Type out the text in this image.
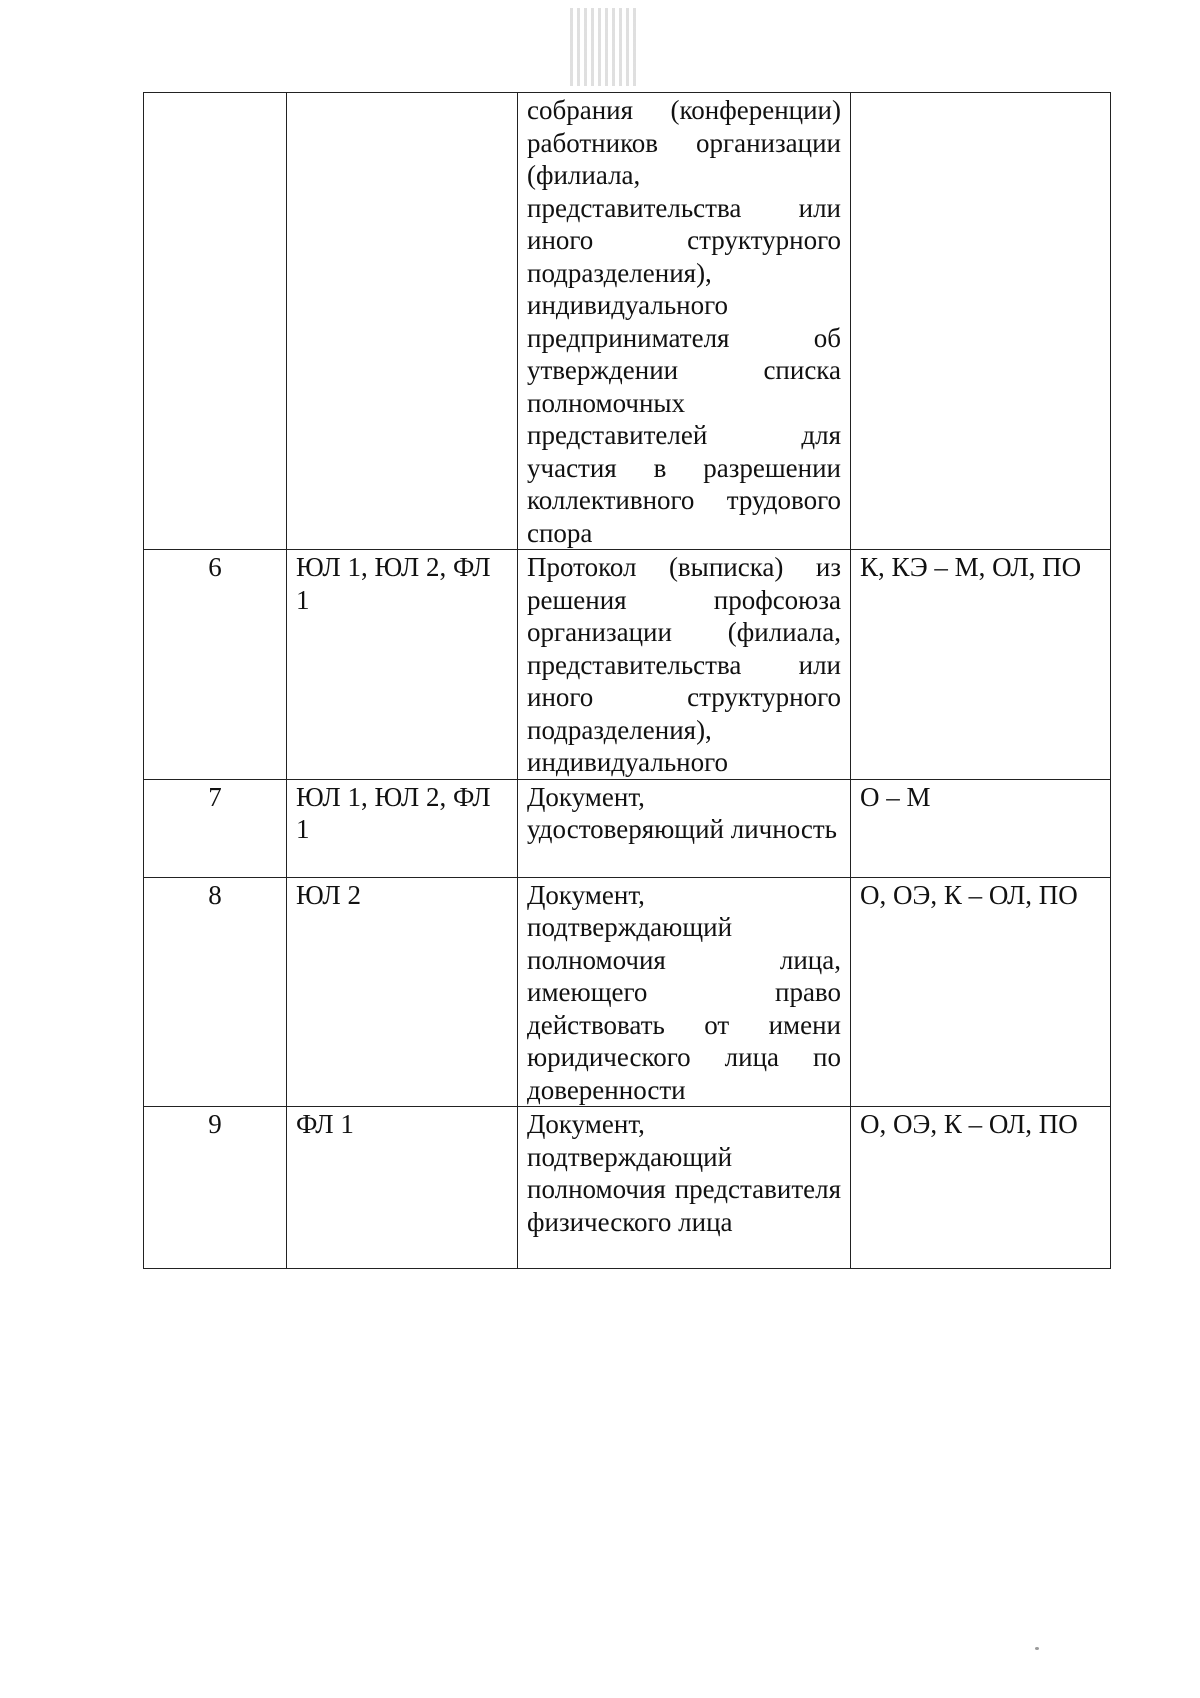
		собрания (конференции) работников организации (филиала, представительства или иного структурного подразделения), индивидуального предпринимателя об утверждении списка полномочных представителей для участия в разрешении коллективного трудового спора	
6	ЮЛ 1, ЮЛ 2, ФЛ 1	Протокол (выписка) из решения профсоюза организации (филиала, представительства или иного структурного подразделения), индивидуального	К, КЭ – М, ОЛ, ПО
7	ЮЛ 1, ЮЛ 2, ФЛ 1	Документ, удостоверяющий личность	О – М
8	ЮЛ 2	Документ, подтверждающий полномочия лица, имеющего право действовать от имени юридического лица по доверенности	О, ОЭ, К – ОЛ, ПО
9	ФЛ 1	Документ, подтверждающий полномочия представителя физического лица	О, ОЭ, К – ОЛ, ПО
